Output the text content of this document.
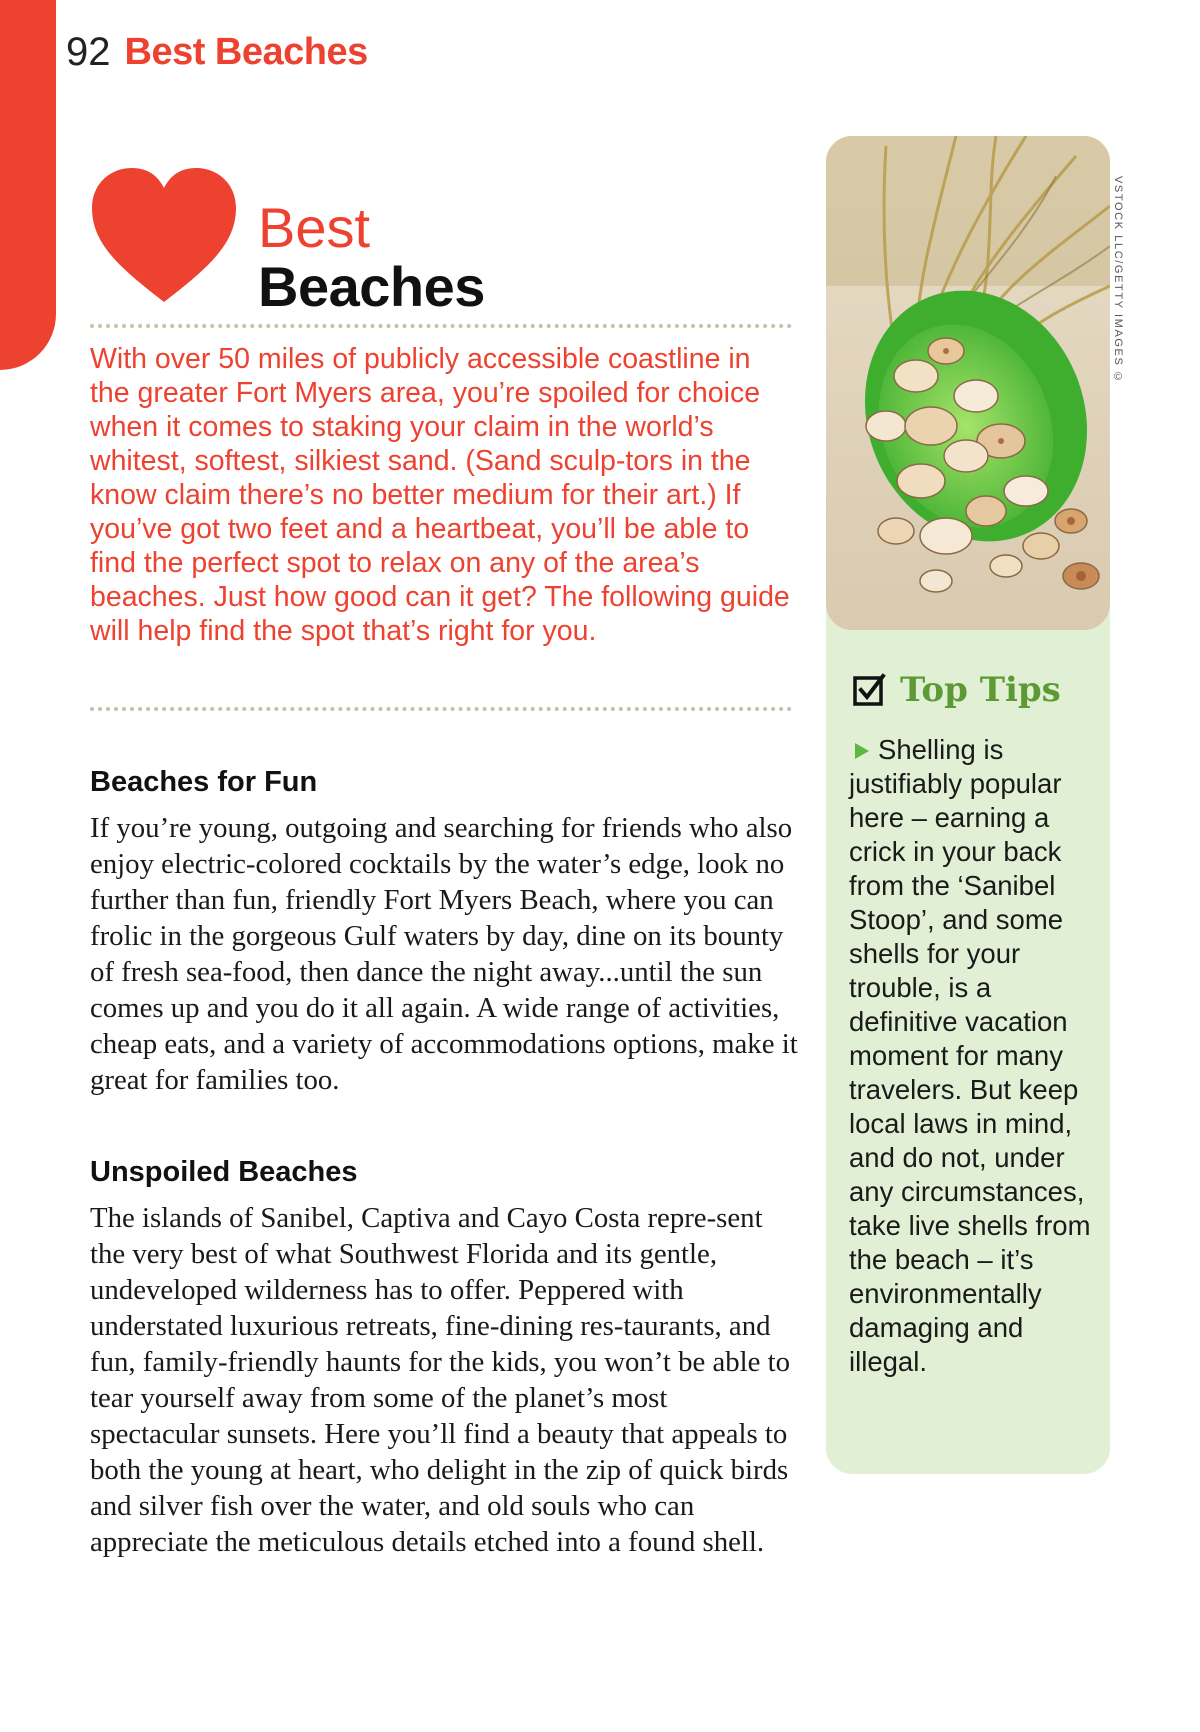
92 Best Beaches
Best
Beaches

With over 50 miles of publicly accessible coastline in the greater Fort Myers area, you’re spoiled for choice when it comes to staking your claim in the world’s whitest, softest, silkiest sand. (Sand sculp-tors in the know claim there’s no better medium for their art.) If you’ve got two feet and a heartbeat, you’ll be able to find the perfect spot to relax on any of the area’s beaches. Just how good can it get? The following guide will help find the spot that’s right for you.

Beaches for Fun

If you’re young, outgoing and searching for friends who also enjoy electric-colored cocktails by the water’s edge, look no further than fun, friendly Fort Myers Beach, where you can frolic in the gorgeous Gulf waters by day, dine on its bounty of fresh sea-food, then dance the night away...until the sun comes up and you do it all again. A wide range of activities, cheap eats, and a variety of accommodations options, make it great for families too.

Unspoiled Beaches

The islands of Sanibel, Captiva and Cayo Costa repre-sent the very best of what Southwest Florida and its gentle, undeveloped wilderness has to offer. Peppered with understated luxurious retreats, fine-dining res-taurants, and fun, family-friendly haunts for the kids, you won’t be able to tear yourself away from some of the planet’s most spectacular sunsets. Here you’ll find a beauty that appeals to both the young at heart, who delight in the zip of quick birds and silver fish over the water, and old souls who can appreciate the meticulous details etched into a found shell.

Top Tips

Shelling is justifiably popular here – earning a crick in your back from the ‘Sanibel Stoop’, and some shells for your trouble, is a definitive vacation moment for many travelers. But keep local laws in mind, and do not, under any circumstances, take live shells from the beach – it’s environmentally damaging and illegal.

VSTOCK LLC/GETTY IMAGES ©
